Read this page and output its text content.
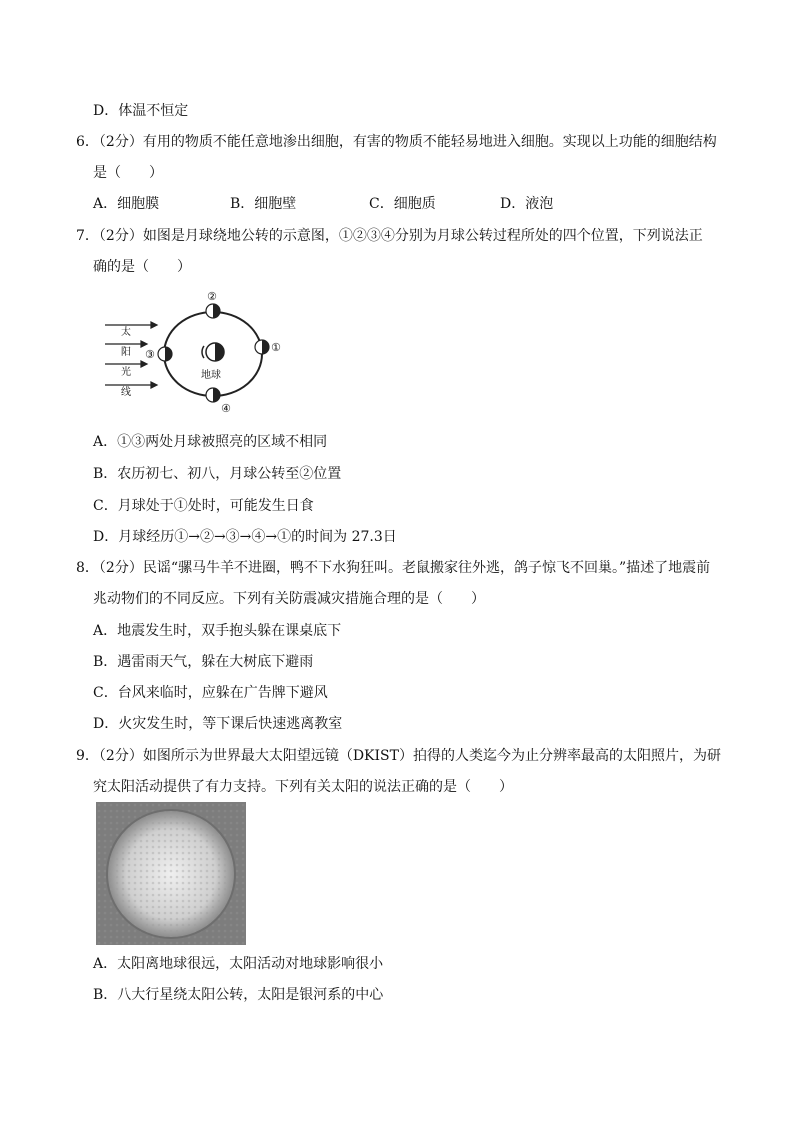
D．体温不恒定
6．（2分）有用的物质不能任意地渗出细胞，有害的物质不能轻易地进入细胞。实现以上功能的细胞结构
是（　　）
A．细胞膜	B．细胞壁	C．细胞质	D．液泡
7．（2分）如图是月球绕地公转的示意图，①②③④分别为月球公转过程所处的四个位置，下列说法正
确的是（　　）
太
阳
光
线
地球
①
②
③
④
A．①③两处月球被照亮的区域不相同
B．农历初七、初八，月球公转至②位置
C．月球处于①处时，可能发生日食
D．月球经历①→②→③→④→①的时间为 27.3日
8．（2分）民谣“骡马牛羊不进圈，鸭不下水狗狂叫。老鼠搬家往外逃，鸽子惊飞不回巢。”描述了地震前
兆动物们的不同反应。下列有关防震减灾措施合理的是（　　）
A．地震发生时，双手抱头躲在课桌底下
B．遇雷雨天气，躲在大树底下避雨
C．台风来临时，应躲在广告牌下避风
D．火灾发生时，等下课后快速逃离教室
9．（2分）如图所示为世界最大太阳望远镜（DKIST）拍得的人类迄今为止分辨率最高的太阳照片，为研
究太阳活动提供了有力支持。下列有关太阳的说法正确的是（　　）
A．太阳离地球很远，太阳活动对地球影响很小
B．八大行星绕太阳公转，太阳是银河系的中心
